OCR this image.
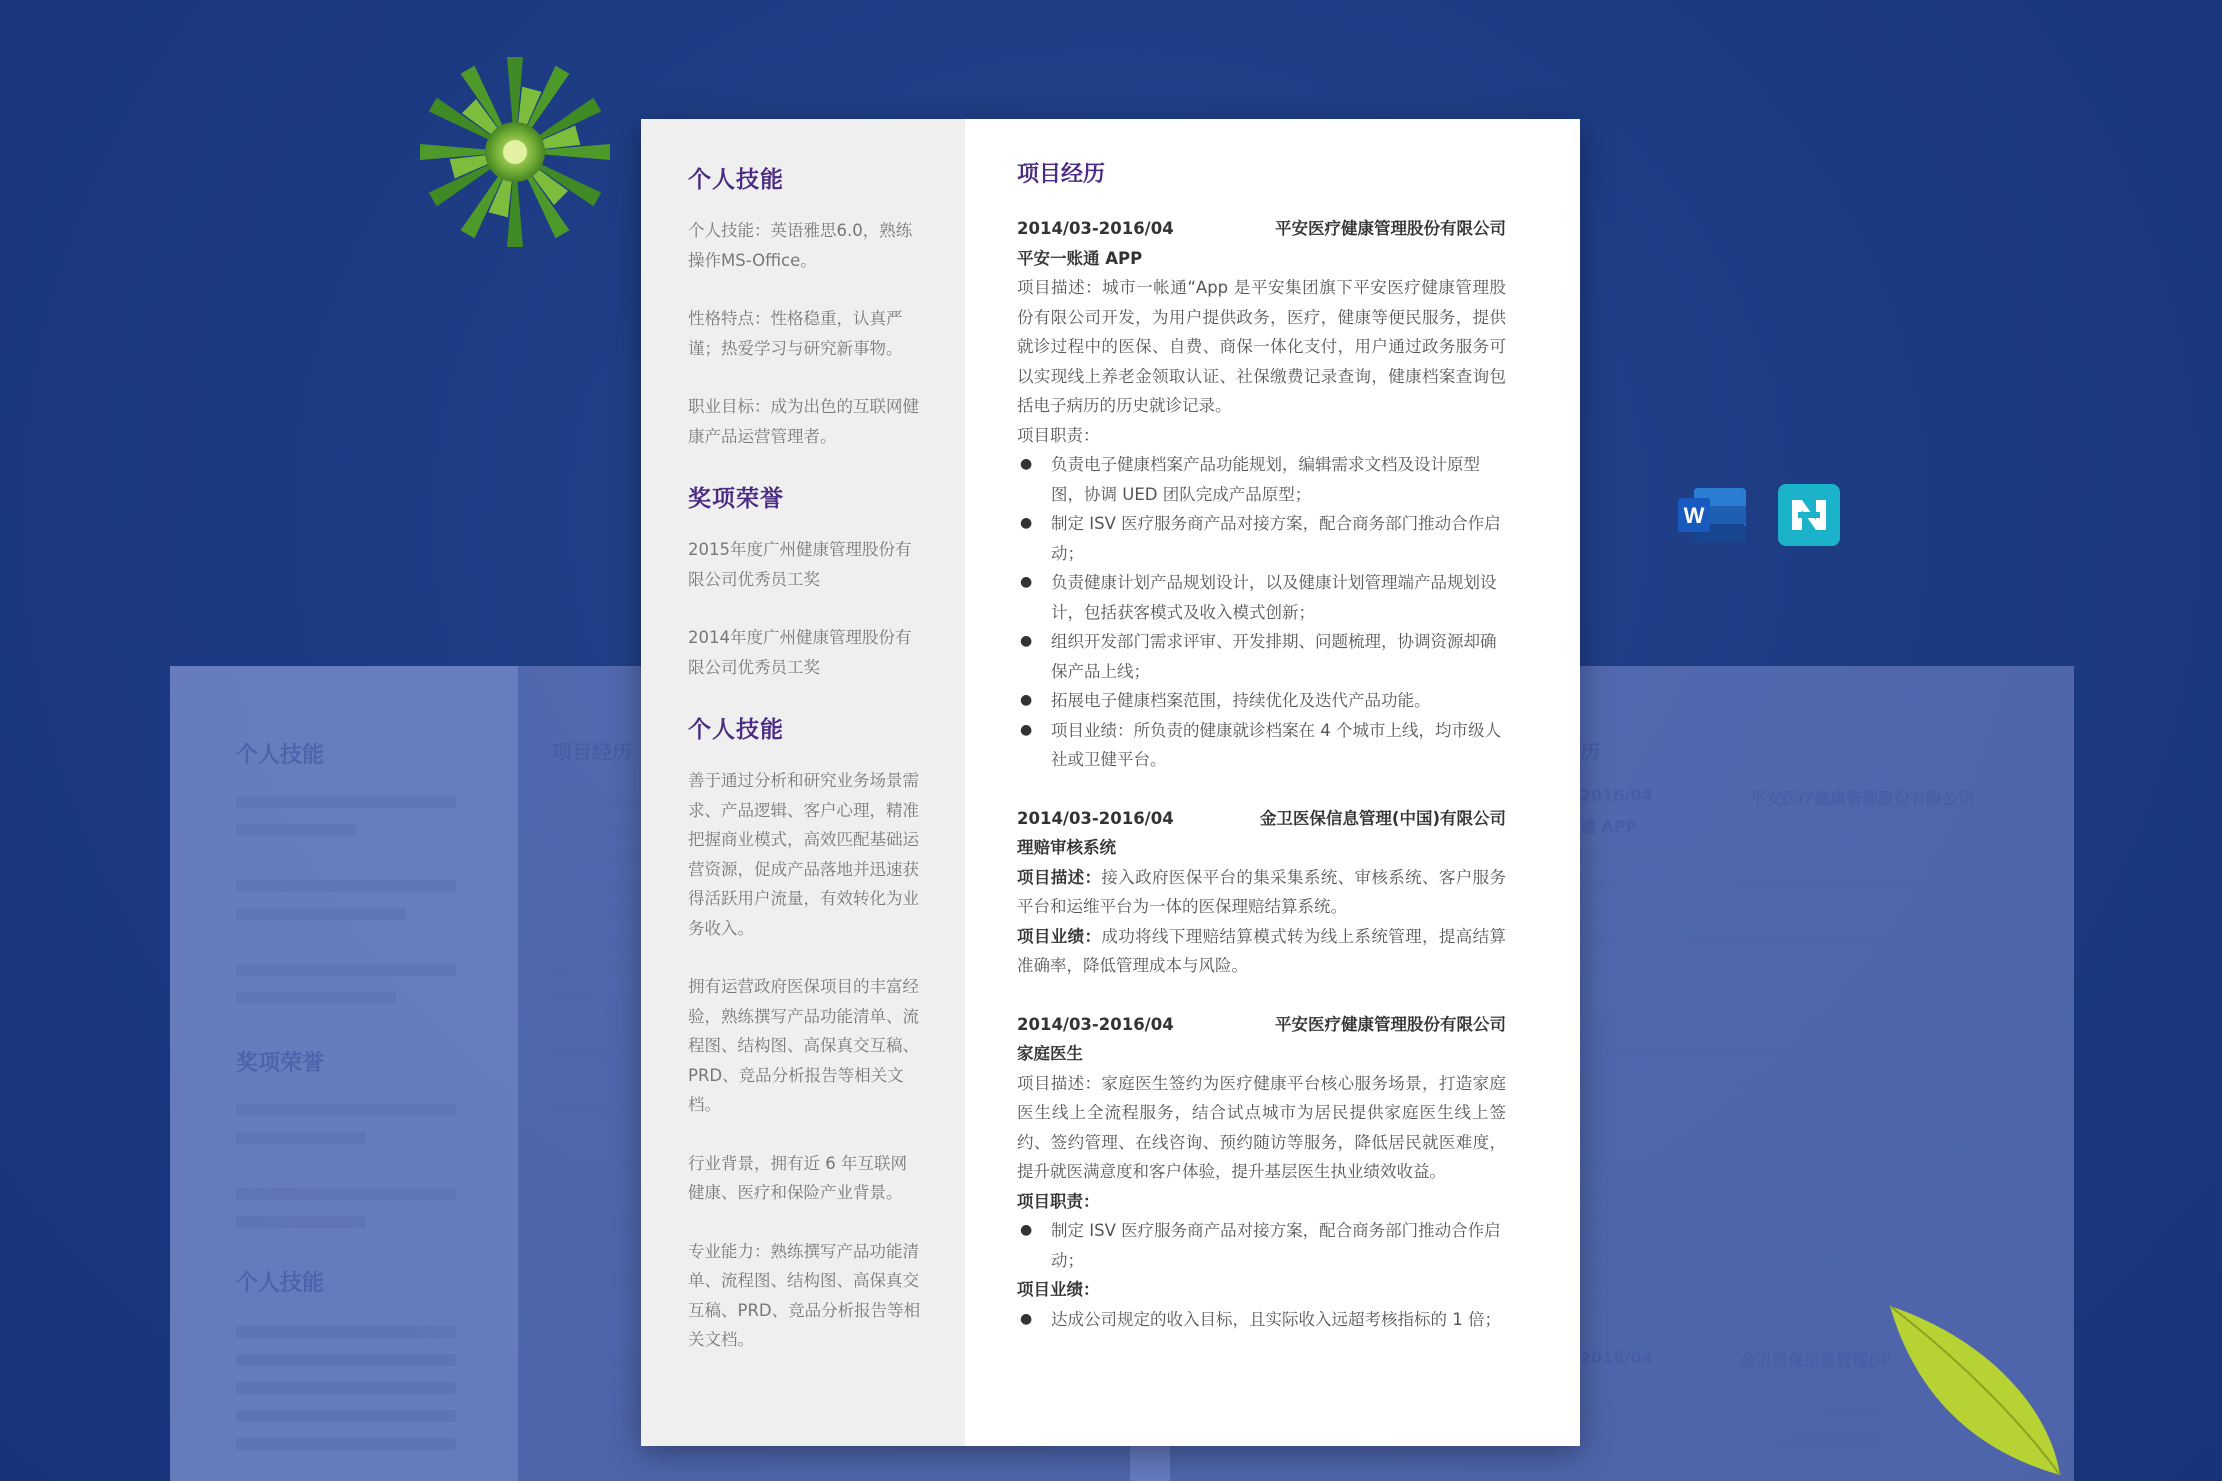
个人技能
奖项荣誉
个人技能
项目经历	历
2016/04	平安医疗健康管理股份有限公司
通 APP
2016/04	金卫医保信息管理(中
W
个人技能

个人技能：英语雅思6.0，熟练操作MS-Office。

性格特点：性格稳重，认真严谨；热爱学习与研究新事物。

职业目标：成为出色的互联网健康产品运营管理者。

奖项荣誉

2015年度广州健康管理股份有限公司优秀员工奖

2014年度广州健康管理股份有限公司优秀员工奖

个人技能

善于通过分析和研究业务场景需求、产品逻辑、客户心理，精准把握商业模式，高效匹配基础运营资源，促成产品落地并迅速获得活跃用户流量，有效转化为业务收入。

拥有运营政府医保项目的丰富经验，熟练撰写产品功能清单、流程图、结构图、高保真交互稿、PRD、竞品分析报告等相关文档。

行业背景，拥有近 6 年互联网健康、医疗和保险产业背景。

专业能力：熟练撰写产品功能清单、流程图、结构图、高保真交互稿、PRD、竞品分析报告等相关文档。

项目经历
2014/03-2016/04	平安医疗健康管理股份有限公司
平安一账通 APP

项目描述：城市一帐通“App 是平安集团旗下平安医疗健康管理股份有限公司开发，为用户提供政务，医疗，健康等便民服务，提供就诊过程中的医保、自费、商保一体化支付，用户通过政务服务可以实现线上养老金领取认证、社保缴费记录查询，健康档案查询包括电子病历的历史就诊记录。

项目职责：

● 负责电子健康档案产品功能规划，编辑需求文档及设计原型图，协调 UED 团队完成产品原型；
● 制定 ISV 医疗服务商产品对接方案，配合商务部门推动合作启动；
● 负责健康计划产品规划设计，以及健康计划管理端产品规划设计，包括获客模式及收入模式创新；
● 组织开发部门需求评审、开发排期、问题梳理，协调资源却确保产品上线；
● 拓展电子健康档案范围，持续优化及迭代产品功能。
● 项目业绩：所负责的健康就诊档案在 4 个城市上线，均市级人社或卫健平台。
2014/03-2016/04	金卫医保信息管理(中国)有限公司
理赔审核系统

项目描述：接入政府医保平台的集采集系统、审核系统、客户服务平台和运维平台为一体的医保理赔结算系统。

项目业绩：成功将线下理赔结算模式转为线上系统管理，提高结算准确率，降低管理成本与风险。

2014/03-2016/04	平安医疗健康管理股份有限公司
家庭医生

项目描述：家庭医生签约为医疗健康平台核心服务场景，打造家庭医生线上全流程服务，结合试点城市为居民提供家庭医生线上签约、签约管理、在线咨询、预约随访等服务，降低居民就医难度，提升就医满意度和客户体验，提升基层医生执业绩效收益。

项目职责：

● 制定 ISV 医疗服务商产品对接方案，配合商务部门推动合作启动；

项目业绩：

● 达成公司规定的收入目标，且实际收入远超考核指标的 1 倍；
